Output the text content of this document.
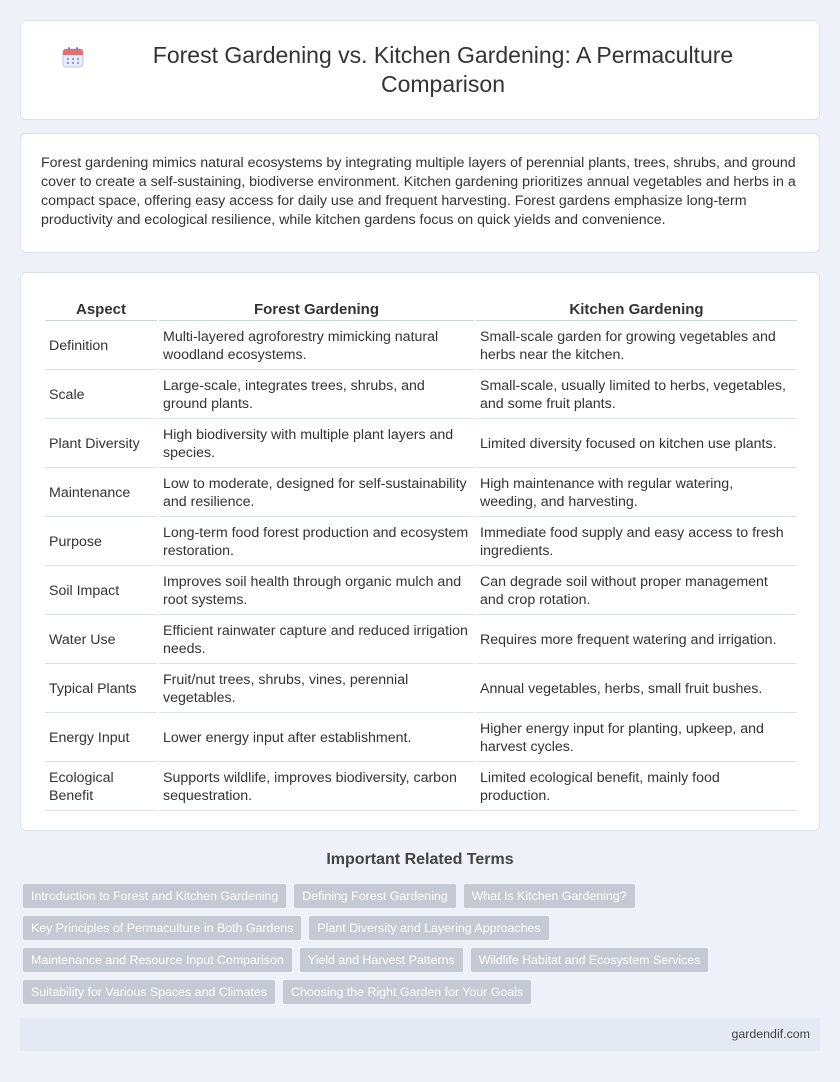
Forest Gardening vs. Kitchen Gardening: A Permaculture Comparison

Forest gardening mimics natural ecosystems by integrating multiple layers of perennial plants, trees, shrubs, and ground cover to create a self-sustaining, biodiverse environment. Kitchen gardening prioritizes annual vegetables and herbs in a compact space, offering easy access for daily use and frequent harvesting. Forest gardens emphasize long-term productivity and ecological resilience, while kitchen gardens focus on quick yields and convenience.

Aspect	Forest Gardening	Kitchen Gardening
Definition	Multi-layered agroforestry mimicking natural woodland ecosystems.	Small-scale garden for growing vegetables and herbs near the kitchen.
Scale	Large-scale, integrates trees, shrubs, and ground plants.	Small-scale, usually limited to herbs, vegetables, and some fruit plants.
Plant Diversity	High biodiversity with multiple plant layers and species.	Limited diversity focused on kitchen use plants.
Maintenance	Low to moderate, designed for self-sustainability and resilience.	High maintenance with regular watering, weeding, and harvesting.
Purpose	Long-term food forest production and ecosystem restoration.	Immediate food supply and easy access to fresh ingredients.
Soil Impact	Improves soil health through organic mulch and root systems.	Can degrade soil without proper management and crop rotation.
Water Use	Efficient rainwater capture and reduced irrigation needs.	Requires more frequent watering and irrigation.
Typical Plants	Fruit/nut trees, shrubs, vines, perennial vegetables.	Annual vegetables, herbs, small fruit bushes.
Energy Input	Lower energy input after establishment.	Higher energy input for planting, upkeep, and harvest cycles.
Ecological Benefit	Supports wildlife, improves biodiversity, carbon sequestration.	Limited ecological benefit, mainly food production.
Important Related Terms
Introduction to Forest and Kitchen Gardening	Defining Forest Gardening	What Is Kitchen Gardening?
Key Principles of Permaculture in Both Gardens	Plant Diversity and Layering Approaches
Maintenance and Resource Input Comparison	Yield and Harvest Patterns	Wildlife Habitat and Ecosystem Services
Suitability for Various Spaces and Climates	Choosing the Right Garden for Your Goals
gardendif.com
